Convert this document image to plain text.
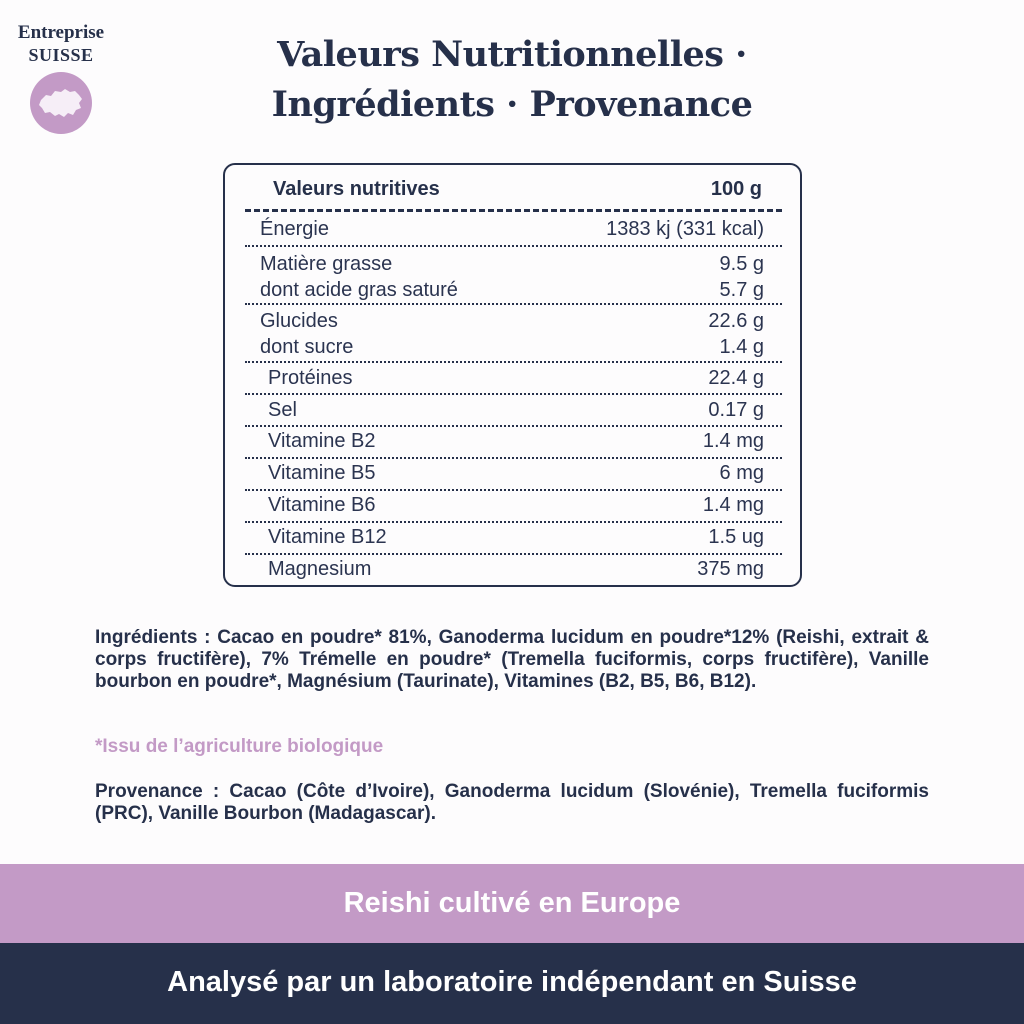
Entreprise
SUISSE	Valeurs Nutritionnelles ·
Ingrédients · Provenance
Valeurs nutritives	100 g
Énergie	1383 kj (331 kcal)
Matière grasse	9.5 g
dont acide gras saturé	5.7 g
Glucides	22.6 g
dont sucre	1.4 g
Protéines	22.4 g
Sel	0.17 g
Vitamine B2	1.4 mg
Vitamine B5	6 mg
Vitamine B6	1.4 mg
Vitamine B12	1.5 ug
Magnesium	375 mg

Ingrédients : Cacao en poudre* 81%, Ganoderma lucidum en poudre*12% (Reishi, extrait & corps fructifère), 7% Trémelle en poudre* (Tremella fuciformis, corps fructifère), Vanille bourbon en poudre*, Magnésium (Taurinate), Vitamines (B2, B5, B6, B12).

*Issu de l’agriculture biologique

Provenance : Cacao (Côte d’Ivoire), Ganoderma lucidum (Slovénie), Tremella fuciformis (PRC), Vanille Bourbon (Madagascar).

Reishi cultivé en Europe
Analysé par un laboratoire indépendant en Suisse
